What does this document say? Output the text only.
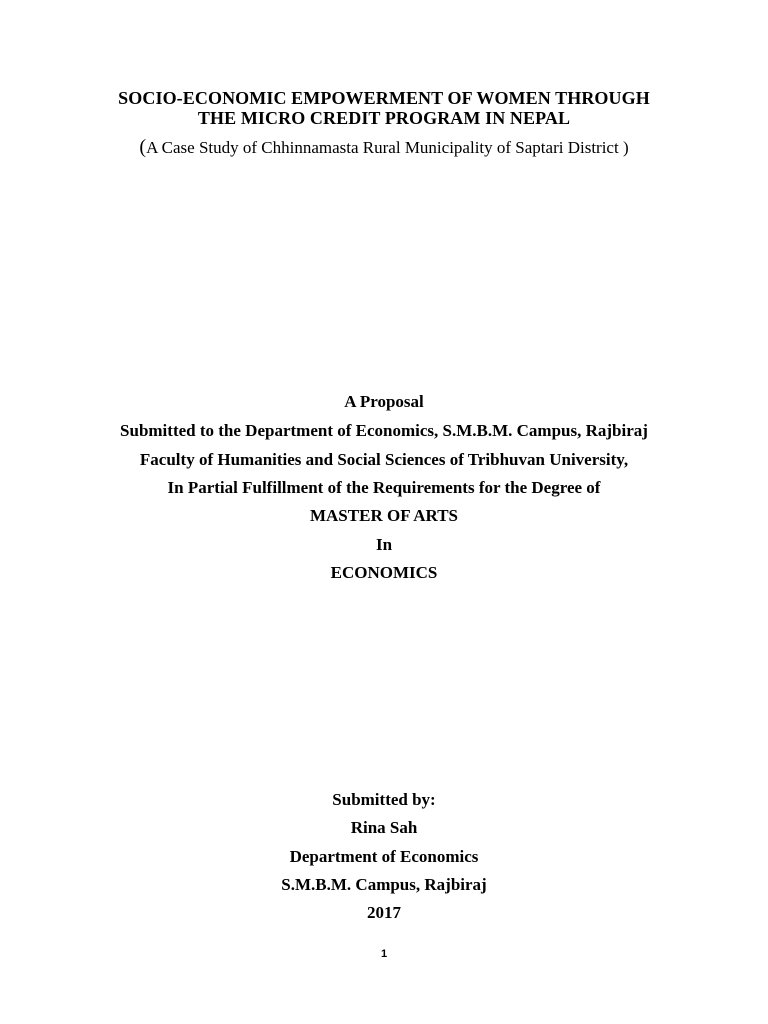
SOCIO-ECONOMIC EMPOWERMENT OF WOMEN THROUGH
THE MICRO CREDIT PROGRAM IN NEPAL
(A Case Study of Chhinnamasta Rural Municipality of Saptari District )
A Proposal
Submitted to the Department of Economics, S.M.B.M. Campus, Rajbiraj
Faculty of Humanities and Social Sciences of Tribhuvan University,
In Partial Fulfillment of the Requirements for the Degree of
MASTER OF ARTS
In
ECONOMICS
Submitted by:
Rina Sah
Department of Economics
S.M.B.M. Campus, Rajbiraj
2017
1
